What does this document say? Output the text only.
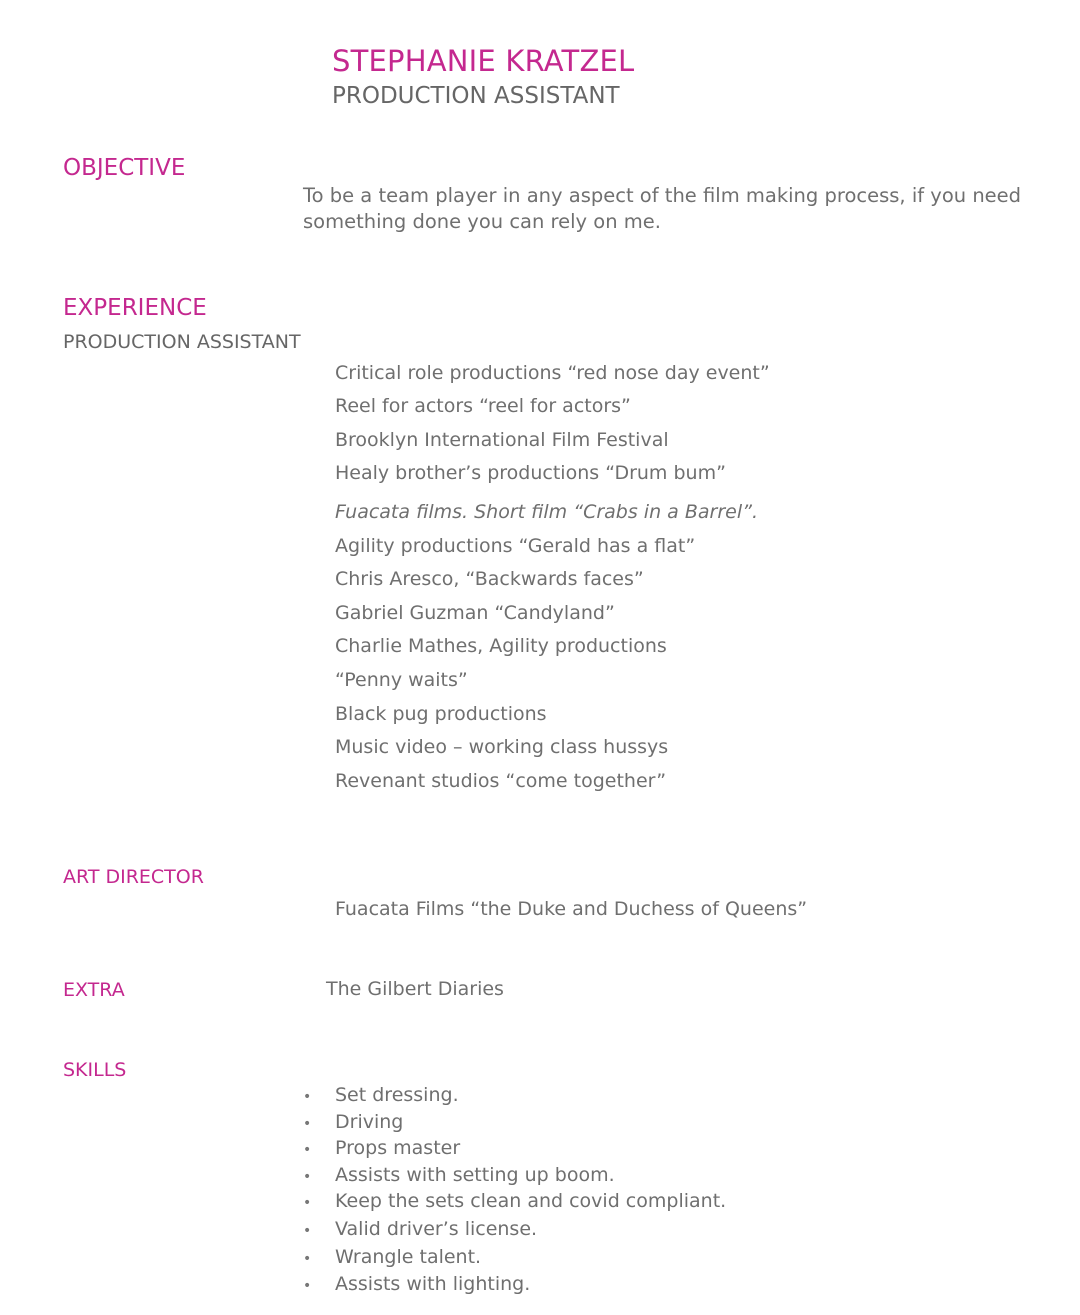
STEPHANIE KRATZEL
PRODUCTION ASSISTANT
OBJECTIVE
To be a team player in any aspect of the film making process, if you need something done you can rely on me.
EXPERIENCE
PRODUCTION ASSISTANT
Critical role productions “red nose day event”
Reel for actors “reel for actors”
Brooklyn International Film Festival
Healy brother’s productions “Drum bum”
Fuacata films. Short film “Crabs in a Barrel”.
Agility productions “Gerald has a flat”
Chris Aresco, “Backwards faces”
Gabriel Guzman “Candyland”
Charlie Mathes, Agility productions
“Penny waits”
Black pug productions
Music video – working class hussys
Revenant studios “come together”
ART DIRECTOR
Fuacata Films “the Duke and Duchess of Queens”
EXTRA	The Gilbert Diaries
SKILLS
• Set dressing.
• Driving
• Props master
• Assists with setting up boom.
• Keep the sets clean and covid compliant.
• Valid driver’s license.
• Wrangle talent.
• Assists with lighting.
